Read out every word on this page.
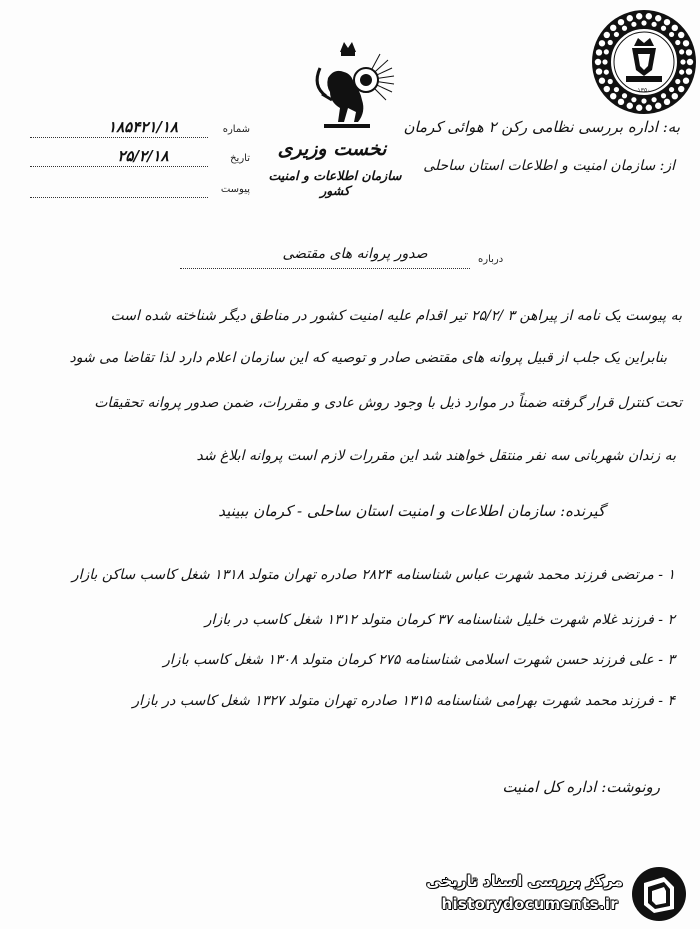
نخست وزیری
سازمان اطلاعات و امنیت کشور
شماره
۱۸۵۴۲۱/۱۸
تاریخ
۲۵/۲/۱۸
پیوست
۱۳۵۰
به: اداره بررسی نظامی رکن ۲ هوائی کرمان
از: سازمان امنیت و اطلاعات استان ساحلی
درباره
صدور پروانه های مقتضی
به پیوست یک نامه از پیراهن ۳ /۲۵/۲ تیر اقدام علیه امنیت کشور در مناطق دیگر شناخته شده است
بنابراین یک جلب از قبیل پروانه های مقتضی صادر و توصیه که این سازمان اعلام دارد لذا تقاضا می شود
تحت کنترل قرار گرفته ضمناً در موارد ذیل با وجود روش عادی و مقررات، ضمن صدور پروانه تحقیقات
به زندان شهربانی سه نفر منتقل خواهند شد این مقررات لازم است پروانه ابلاغ شد
گیرنده: سازمان اطلاعات و امنیت استان ساحلی - کرمان ببینید
۱ - مرتضی فرزند محمد شهرت عباس شناسنامه ۲۸۲۴ صادره تهران متولد ۱۳۱۸ شغل کاسب ساکن بازار
۲ - فرزند غلام شهرت خلیل شناسنامه ۳۷ کرمان متولد ۱۳۱۲ شغل کاسب در بازار
۳ - علی فرزند حسن شهرت اسلامی شناسنامه ۲۷۵ کرمان متولد ۱۳۰۸ شغل کاسب بازار
۴ - فرزند محمد شهرت بهرامی شناسنامه ۱۳۱۵ صادره تهران متولد ۱۳۲۷ شغل کاسب در بازار
رونوشت: اداره کل امنیت
مرکز بررسی اسناد تاریخی
historydocuments.ir
